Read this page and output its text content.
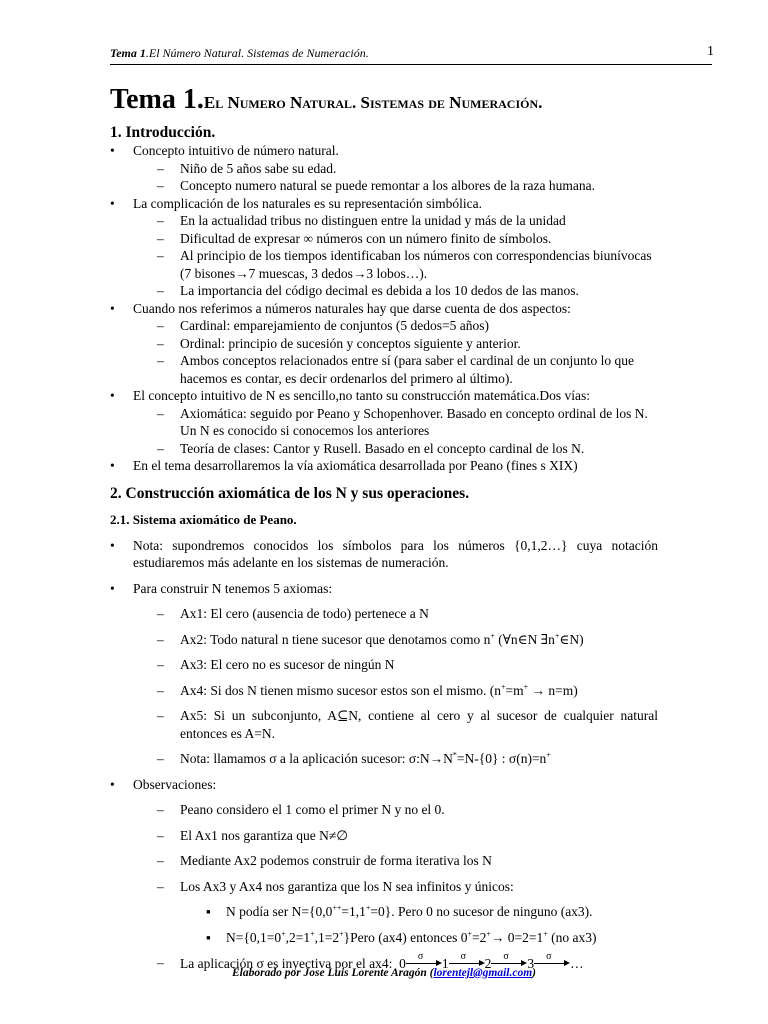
Tema 1.El Número Natural. Sistemas de Numeración.	1
Tema 1.El Numero Natural. Sistemas de Numeración.
1. Introducción.
• Concepto intuitivo de número natural.
– Niño de 5 años sabe su edad.
– Concepto numero natural se puede remontar a los albores de la raza humana.
• La complicación de los naturales es su representación simbólica.
– En la actualidad tribus no distinguen entre la unidad y más de la unidad
– Dificultad de expresar ∞ números con un número finito de símbolos.
– Al principio de los tiempos identificaban los números con correspondencias biunívocas (7 bisones→7 muescas, 3 dedos→3 lobos…).
– La importancia del código decimal es debida a los 10 dedos de las manos.
• Cuando nos referimos a números naturales hay que darse cuenta de dos aspectos:
– Cardinal: emparejamiento de conjuntos (5 dedos=5 años)
– Ordinal: principio de sucesión y conceptos siguiente y anterior.
– Ambos conceptos relacionados entre sí (para saber el cardinal de un conjunto lo que hacemos es contar, es decir ordenarlos del primero al último).
• El concepto intuitivo de N es sencillo,no tanto su construcción matemática.Dos vías:
– Axiomática: seguido por Peano y Schopenhover. Basado en concepto ordinal de los N. Un N es conocido si conocemos los anteriores
– Teoría de clases: Cantor y Rusell. Basado en el concepto cardinal de los N.
• En el tema desarrollaremos la vía axiomática desarrollada por Peano (fines s XIX)
2. Construcción axiomática de los N y sus operaciones.
2.1. Sistema axiomático de Peano.
• Nota: supondremos conocidos los símbolos para los números {0,1,2…} cuya notación estudiaremos más adelante en los sistemas de numeración.
• Para construir N tenemos 5 axiomas:
– Ax1: El cero (ausencia de todo) pertenece a N
– Ax2: Todo natural n tiene sucesor que denotamos como n+ (∀n∈N ∃n+∈N)
– Ax3: El cero no es sucesor de ningún N
– Ax4: Si dos N tienen mismo sucesor estos son el mismo. (n+=m+ → n=m)
– Ax5: Si un subconjunto, A⊆N, contiene al cero y al sucesor de cualquier natural entonces es A=N.
– Nota: llamamos σ a la aplicación sucesor: σ:N→N*=N-{0} : σ(n)=n+
• Observaciones:
– Peano considero el 1 como el primer N y no el 0.
– El Ax1 nos garantiza que N≠∅
– Mediante Ax2 podemos construir de forma iterativa los N
– Los Ax3 y Ax4 nos garantiza que los N sea infinitos y únicos:
▪ N podía ser N={0,0++=1,1+=0}. Pero 0 no sucesor de ninguno (ax3).
▪ N={0,1=0+,2=1+,1=2+}Pero (ax4) entonces 0+=2+→ 0=2=1+ (no ax3)
– La aplicación σ es inyectiva por el ax4: 0 σ 1 σ 2 σ 3 σ …
Elaborado por Jose Luis Lorente Aragón (lorentejl@gmail.com)
